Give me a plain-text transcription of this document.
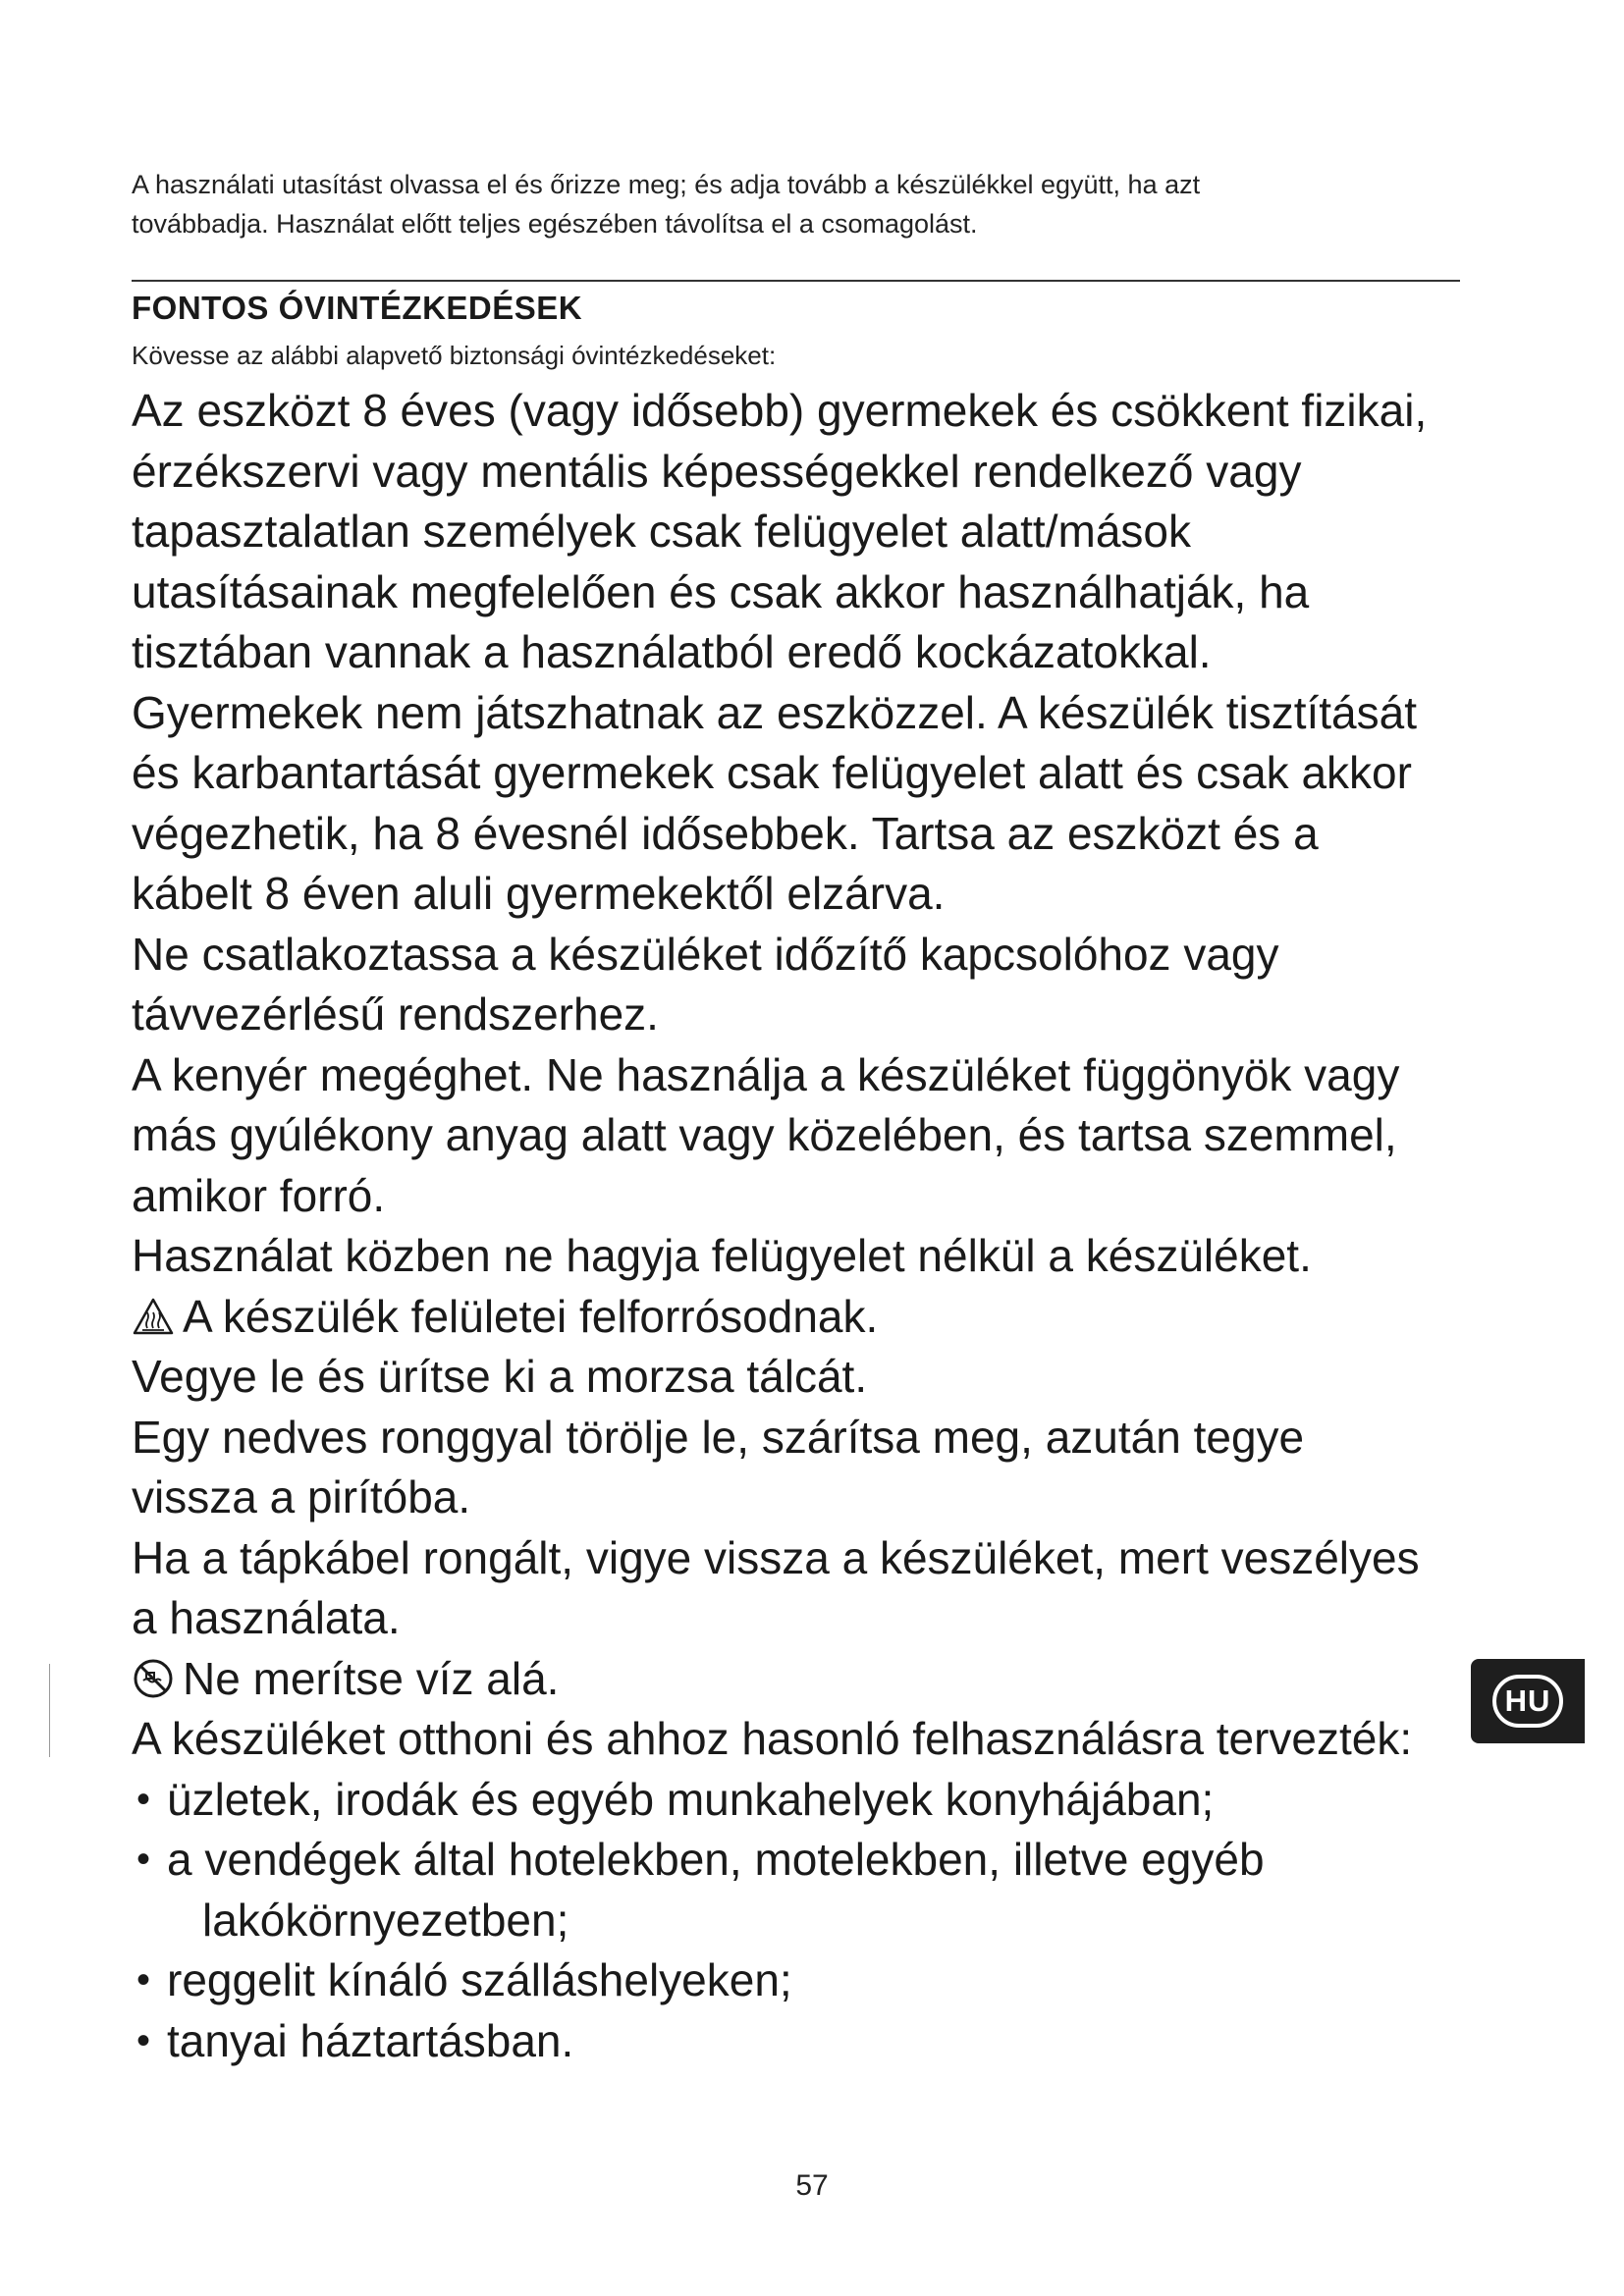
A használati utasítást olvassa el és őrizze meg; és adja tovább a készülékkel együtt, ha azt
továbbadja. Használat előtt teljes egészében távolítsa el a csomagolást.
FONTOS ÓVINTÉZKEDÉSEK
Kövesse az alábbi alapvető biztonsági óvintézkedéseket:

Az eszközt 8 éves (vagy idősebb) gyermekek és csökkent fizikai,
érzékszervi vagy mentális képességekkel rendelkező vagy
tapasztalatlan személyek csak felügyelet alatt/mások
utasításainak megfelelően és csak akkor használhatják, ha
tisztában vannak a használatból eredő kockázatokkal.

Gyermekek nem játszhatnak az eszközzel. A készülék tisztítását
és karbantartását gyermekek csak felügyelet alatt és csak akkor
végezhetik, ha 8 évesnél idősebbek. Tartsa az eszközt és a
kábelt 8 éven aluli gyermekektől elzárva.

Ne csatlakoztassa a készüléket időzítő kapcsolóhoz vagy
távvezérlésű rendszerhez.

A kenyér megéghet. Ne használja a készüléket függönyök vagy
más gyúlékony anyag alatt vagy közelében, és tartsa szemmel,
amikor forró.

Használat közben ne hagyja felügyelet nélkül a készüléket.

A készülék felületei felforrósodnak.

Vegye le és ürítse ki a morzsa tálcát.

Egy nedves ronggyal törölje le, szárítsa meg, azután tegye
vissza a pirítóba.

Ha a tápkábel rongált, vigye vissza a készüléket, mert veszélyes
a használata.

Ne merítse víz alá.

A készüléket otthoni és ahhoz hasonló felhasználásra tervezték:

• üzletek, irodák és egyéb munkahelyek konyhájában;
• a vendégek által hotelekben, motelekben, illetve egyéb
lakókörnyezetben;
• reggelit kínáló szálláshelyeken;
• tanyai háztartásban.
HU
57
